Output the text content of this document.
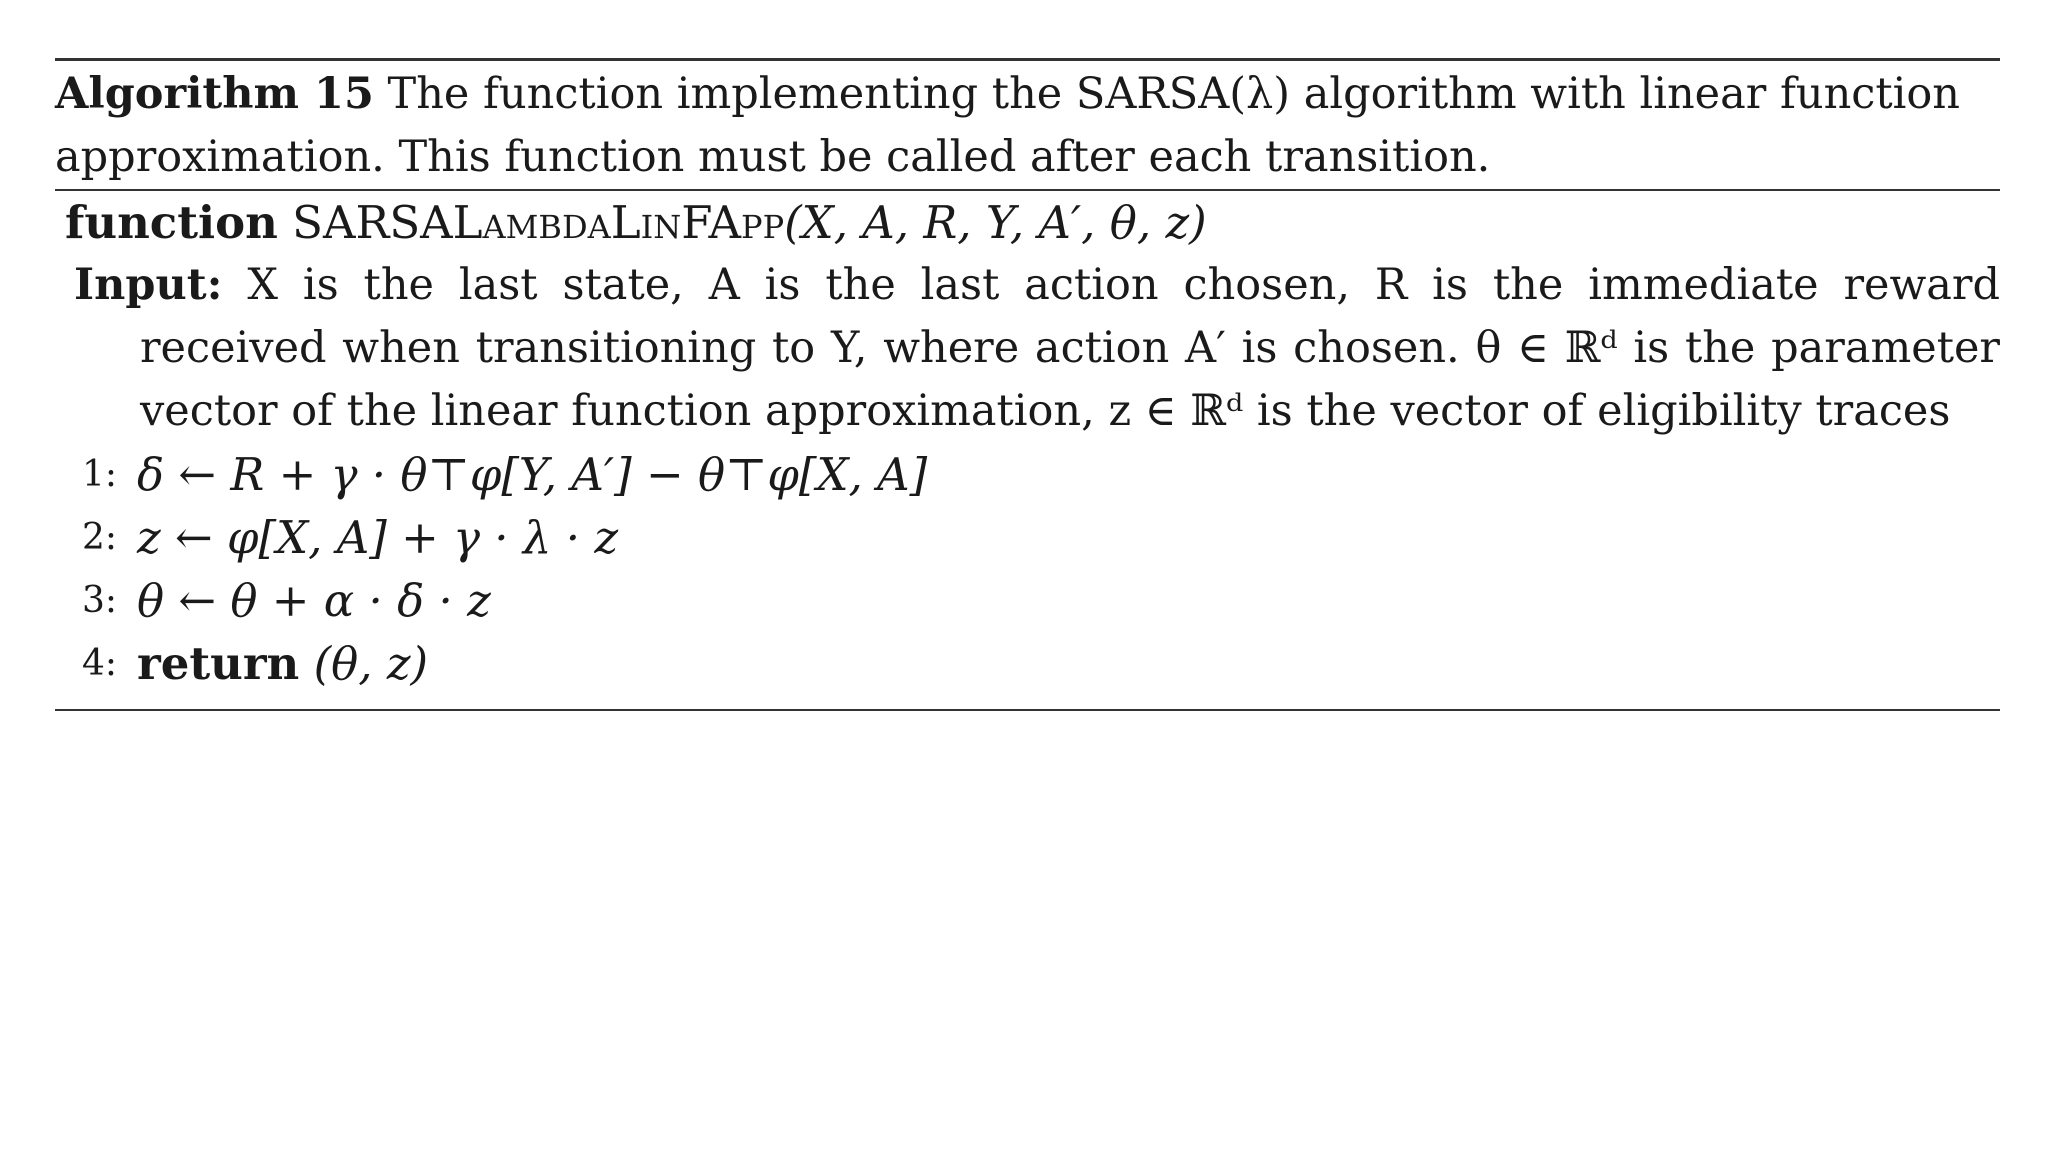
Algorithm 15 The function implementing the SARSA(λ) algorithm with linear function approximation. This function must be called after each transition.
function SARSALambdaLinFApp(X, A, R, Y, A′, θ, z)
Input: X is the last state, A is the last action chosen, R is the immediate reward received when transitioning to Y, where action A′ is chosen. θ ∈ ℝᵈ is the parameter vector of the linear function approximation, z ∈ ℝᵈ is the vector of eligibility traces
1: δ ← R + γ · θ⊤φ[Y, A′] − θ⊤φ[X, A]
2: z ← φ[X, A] + γ · λ · z
3: θ ← θ + α · δ · z
4: return (θ, z)
